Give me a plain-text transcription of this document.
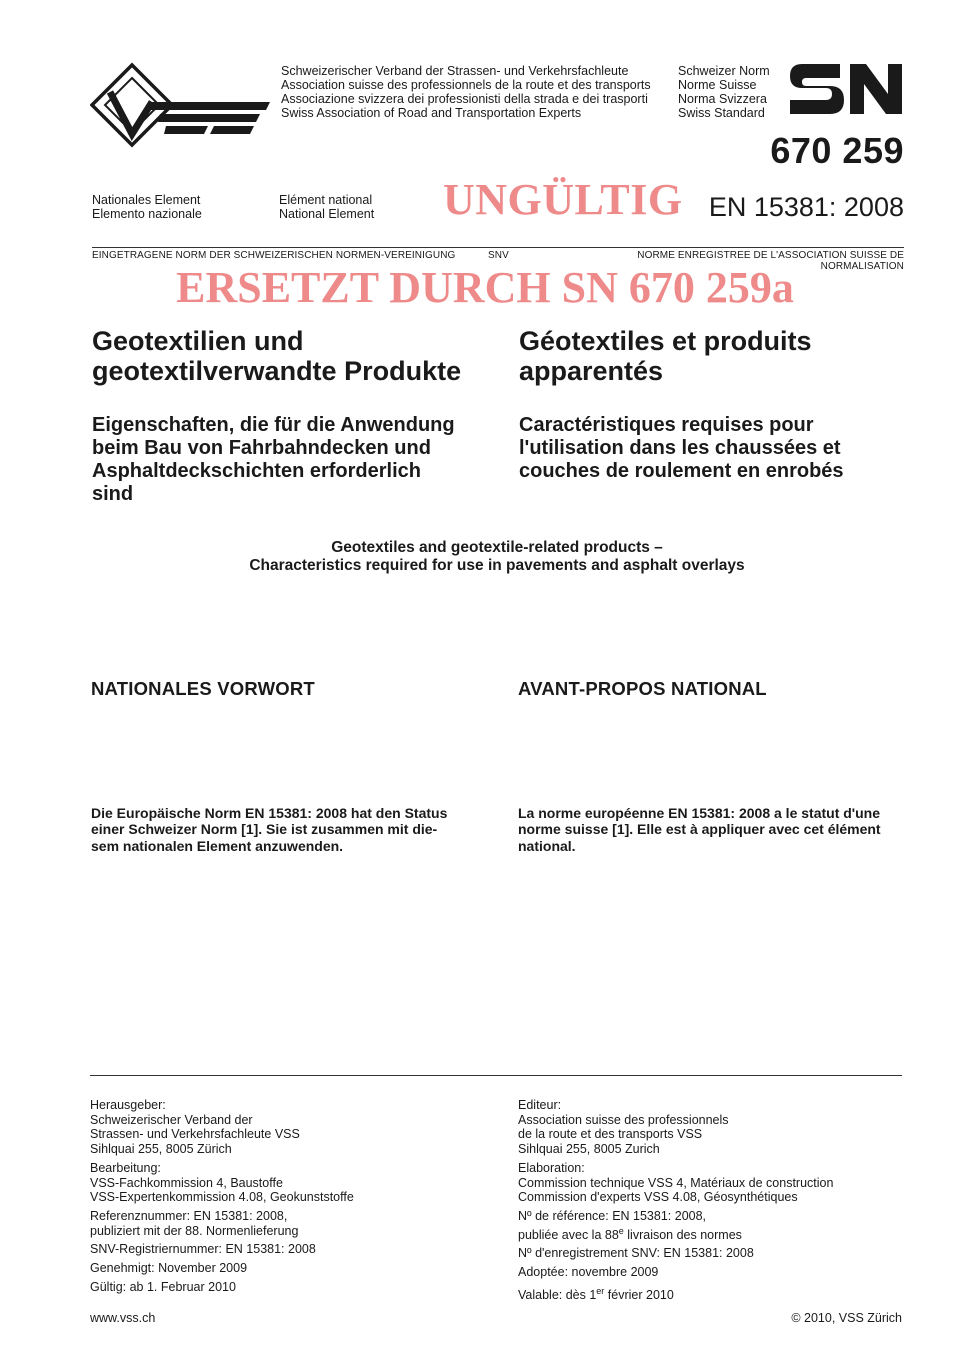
Schweizerischer Verband der Strassen- und Verkehrsfachleute
Association suisse des professionnels de la route et des transports
Associazione svizzera dei professionisti della strada e dei trasporti
Swiss Association of Road and Transportation Experts
Schweizer Norm
Norme Suisse
Norma Svizzera
Swiss Standard
670 259
Nationales Element
Elemento nazionale
Elément national
National Element UNGÜLTIG EN 15381: 2008
EINGETRAGENE NORM DER SCHWEIZERISCHEN NORMEN-VEREINIGUNG	SNV	NORME ENREGISTREE DE L'ASSOCIATION SUISSE DE NORMALISATION
ERSETZT DURCH SN 670 259a
Geotextilien und
geotextilverwandte Produkte
Géotextiles et produits
apparentés
Eigenschaften, die für die Anwendung
beim Bau von Fahrbahndecken und
Asphaltdeckschichten erforderlich
sind
Caractéristiques requises pour
l'utilisation dans les chaussées et
couches de roulement en enrobés
Geotextiles and geotextile-related products –
Characteristics required for use in pavements and asphalt overlays
NATIONALES VORWORT	AVANT-PROPOS NATIONAL
Die Europäische Norm EN 15381: 2008 hat den Status
einer Schweizer Norm [1]. Sie ist zusammen mit die-
sem nationalen Element anzuwenden.
La norme européenne EN 15381: 2008 a le statut d'une
norme suisse [1]. Elle est à appliquer avec cet élément
national.
Herausgeber:
Schweizerischer Verband der
Strassen- und Verkehrsfachleute VSS
Sihlquai 255, 8005 Zürich
Bearbeitung:
VSS-Fachkommission 4, Baustoffe
VSS-Expertenkommission 4.08, Geokunststoffe
Referenznummer: EN 15381: 2008,
publiziert mit der 88. Normenlieferung
SNV-Registriernummer: EN 15381: 2008
Genehmigt: November 2009
Gültig: ab 1. Februar 2010
Editeur:
Association suisse des professionnels
de la route et des transports VSS
Sihlquai 255, 8005 Zurich
Elaboration:
Commission technique VSS 4, Matériaux de construction
Commission d'experts VSS 4.08, Géosynthétiques
Nº de référence: EN 15381: 2008,
publiée avec la 88e livraison des normes
Nº d'enregistrement SNV: EN 15381: 2008
Adoptée: novembre 2009
Valable: dès 1er février 2010
www.vss.ch	© 2010, VSS Zürich
